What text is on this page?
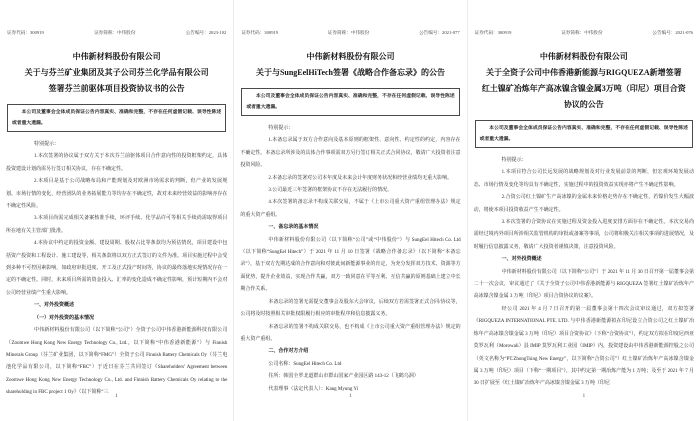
证券代码：300919	证券简称：中伟股份	公告编号：2023-102
中伟新材料股份有限公司
关于与芬兰矿业集团及其子公司芬兰化学品有限公司
签署芬兰前驱体项目投资协议书的公告
本公司及董事会全体成员保证公告内容真实、准确和完整，不存在任何虚假记载、误导性陈述或者重大遗漏。
特别提示：
1.本次签署的协议属于双方关于本次芬兰前驱体项目合作意向性的投资框架约定，具体投资建设计划尚需另行签订相关协议，存在不确定性。
2.本项目是基于公司战略布局和产能规划及对欧洲市场需求的判断，但产业的发展规划、市场行情的变化，经营团队的业务拓展能力等均存在不确定性，故对未来经营效益的影响亦存在不确定性风险。
3.本项目尚需完成相关备案核准手续，环评手续、化学品许可等相关手续尚需取得项目所在地有关主管部门批准。
4.本协议中约定的投资金额、建设周期、股权占比等条款均为预估情况，项目建设中包括资产投资和工程设计、施工建设等，相关条款将以双方正式签订的文件为准。项目实施过程中会受到多种不可控因素影响，如政府审批进度、开工及正式投产时间等，协议的最终落地实现情况存在一定的不确定性。同时，未来项目所需的资金投入、汇率的变化造成不确定性影响，预计短期内不会对公司经营业绩产生重大影响。
一、对外投资概述
（一）对外投资的基本情况
中伟新材料股份有限公司（以下简称“公司”）全资子公司中伟香港新能源科技有限公司（Zoomwe Hong Kong New Energy Technology Co., Ltd.，以下简称“中伟香港新能源”）与 Finnish Minerals Group（芬兰矿业集团，以下简称“FMG”）全资子公司 Finnish Battery Chemicals Oy（芬兰电池化学品有限公司，以下简称“FBC”）于近日在芬兰共同签订《Shareholders’ Agreement between Zoomwe Hong Kong New Energy Technology Co., Ltd. and Finnish Battery Chemicals Oy relating to the shareholding in FBC project 1 Oy》（以下简称“三
1
证券代码：300919	证券简称：中伟股份	公告编号：2021-077
中伟新材料股份有限公司
关于与SungEelHiTech签署《战略合作备忘录》的公告
本公司及董事会全体成员保证公告内容真实、准确和完整，不存在任何虚假记载、误导性陈述或者重大遗漏。
特别提示：
1.本备忘录属于双方合作意向及基本原则的框架性、意向性、约定性的约定，内容存在不确定性。本备忘录所涉及的具体合作事项需双方另行签订相关正式合同协议，敬请广大投资者注意投资风险。
2.本备忘录的签署对公司本年度及未来会计年度财务状况和经营业绩均无重大影响。
3.公司最近三年签署的框架协议不存在无法履行的情况。
4.本次签署的备忘录不构成关联交易，不属于《上市公司重大资产重组管理办法》规定的重大资产重组。
一、备忘录的基本情况
中伟新材料股份有限公司（以下简称“公司”或“中伟股份”）与 SungEel Hitech Co. Ltd（以下简称“SungEel Hitech”）于 2021 年 11 月 10 日签署《战略合作备忘录》（以下简称“本备忘录”），基于双方先期达成的合作意向和对彼此间新能源事业的肯定，为充分发挥双方技术、资源等方面优势，提升企业效益，实现合作共赢，双方一致同意在平等互利、互信共赢的原则基础上建立中长期合作关系。
本备忘录的签署无需提交董事会及股东大会审议，后续双方若需签署正式合同/协议等，公司将及时按照相关审批权限履行相应的审批程序和信息披露义务。
本备忘录的签署不构成关联交易，也不构成《上市公司重大资产重组管理办法》规定的重大资产重组。
二、合作对方介绍
公司名称：SungEel Hitech Co. Ltd
住所：韩国全罗北道群山市群山国家产业园区路 143-12（飞鹤乌洞）
代表理事（法定代表人）：Kang Myung Yi
1
证券代码：300919	证券简称：中伟股份	公告编号：2021-076
中伟新材料股份有限公司
关于全资子公司中伟香港新能源与RIGQUEZA新增签署
红土镍矿冶炼年产高冰镍含镍金属3万吨（印尼）项目合资
协议的公告
本公司及董事会全体成员保证公告内容真实、准确和完整，不存在任何虚假记载、误导性陈述或者重大遗漏。
特别提示：
1.本项目符合公司长远发展的战略规划及对行业发展前景的判断，但宏观环境发展动态、市场行情及变化等均具有不确定性，实施过程中的投资效益实现亦将产生不确定性影响。
2.合资公司红土镍矿生产高冰镍的金属未来价格走势存在不确定性，若镍价发生大幅波动，将使本项目投资收益产生不确定性。
3.本次签署的合资协议在实施过程及资金投入进度安排方面存在不确定性。本次交易尚需经过境内外项目所涉相关监管机构的审批或备案等事项，公司将积极关注相关事项的进展情况，及时履行信息披露义务，敬请广大投资者谨慎决策，注意投资风险。
一、对外投资概述
中伟新材料股份有限公司（以下简称“公司”）于 2021 年 11 月 30 日召开第一届董事会第二十一次会议，审议通过了《关于全资子公司中伟香港新能源与 RIGQUEZA 签署红土镍矿冶炼年产高冰镍含镍金属 3 万吨（印尼）项目合资协议的议案》。
经公司 2021 年 4 月 7 日召开的第一届董事会第十四次会议审议通过，双方拟签署《RIGQUEZA INTERNATIONAL PTE. LTD. 与中伟香港新能源拟在印尼设立合资公司之红土镍矿冶炼年产高冰镍含镍金属 3 万吨（印尼）项目合资协议》（下称“合资协议”），约定双方拟在印度尼西亚莫罗瓦利（Morowali）县 IMIP 莫罗瓦利工业园（IMIP）内，投资建设由中伟香港新能源控股之公司（英文名称为“PT.ZhongTsing New Energy”，以下简称“合资公司”）红土镍矿冶炼年产高冰镍含镍金属 3 万吨（印尼）项目（下称“一期项目”），其中约定第一期冶炼产能为 1 万吨；及至于 2021 年 7 月 30 日扩展至《红土镍矿冶炼年产高冰镍含镍金属 3 万吨（印尼
1
